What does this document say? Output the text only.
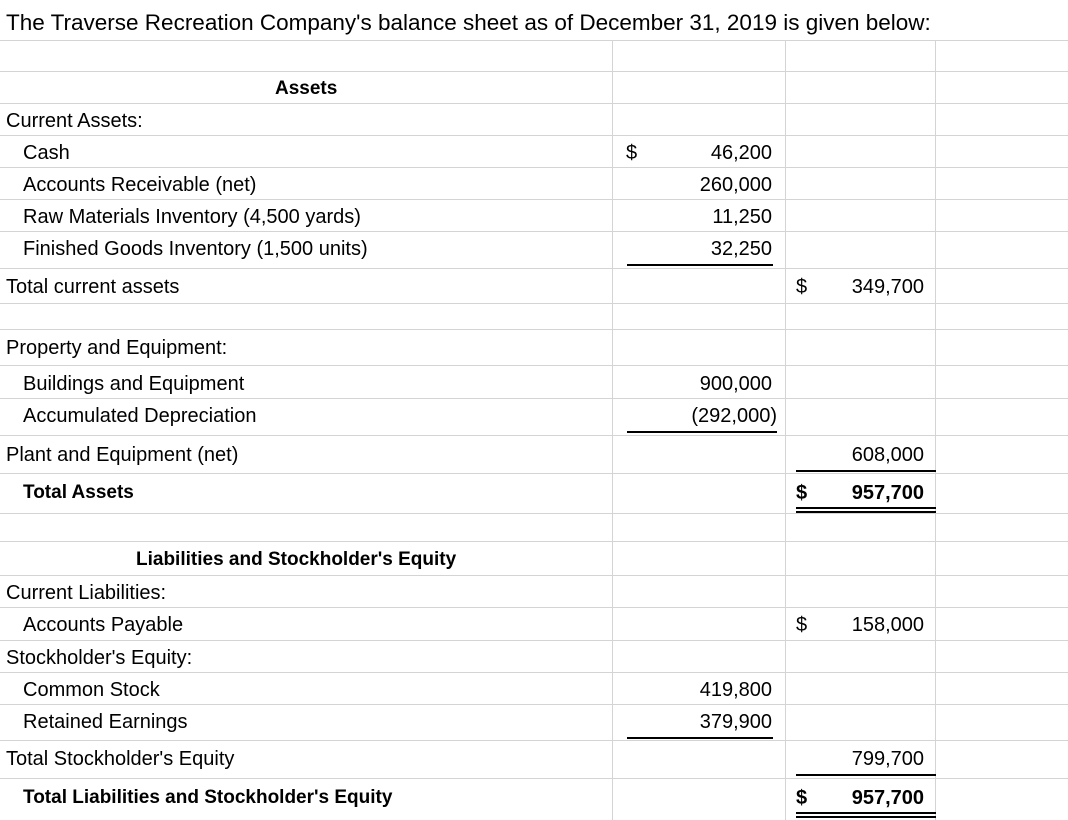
The Traverse Recreation Company's balance sheet as of December 31, 2019 is given below:
Assets
Current Assets:
Cash	$	46,200
Accounts Receivable (net)	260,000
Raw Materials Inventory (4,500 yards)	11,250
Finished Goods Inventory (1,500 units)	32,250
Total current assets	$	349,700
Property and Equipment:
Buildings and Equipment	900,000
Accumulated Depreciation	(292,000)
Plant and Equipment (net)	608,000
Total Assets	$	957,700
Liabilities and Stockholder's Equity
Current Liabilities:
Accounts Payable	$	158,000
Stockholder's Equity:
Common Stock	419,800
Retained Earnings	379,900
Total Stockholder's Equity	799,700
Total Liabilities and Stockholder's Equity	$	957,700
